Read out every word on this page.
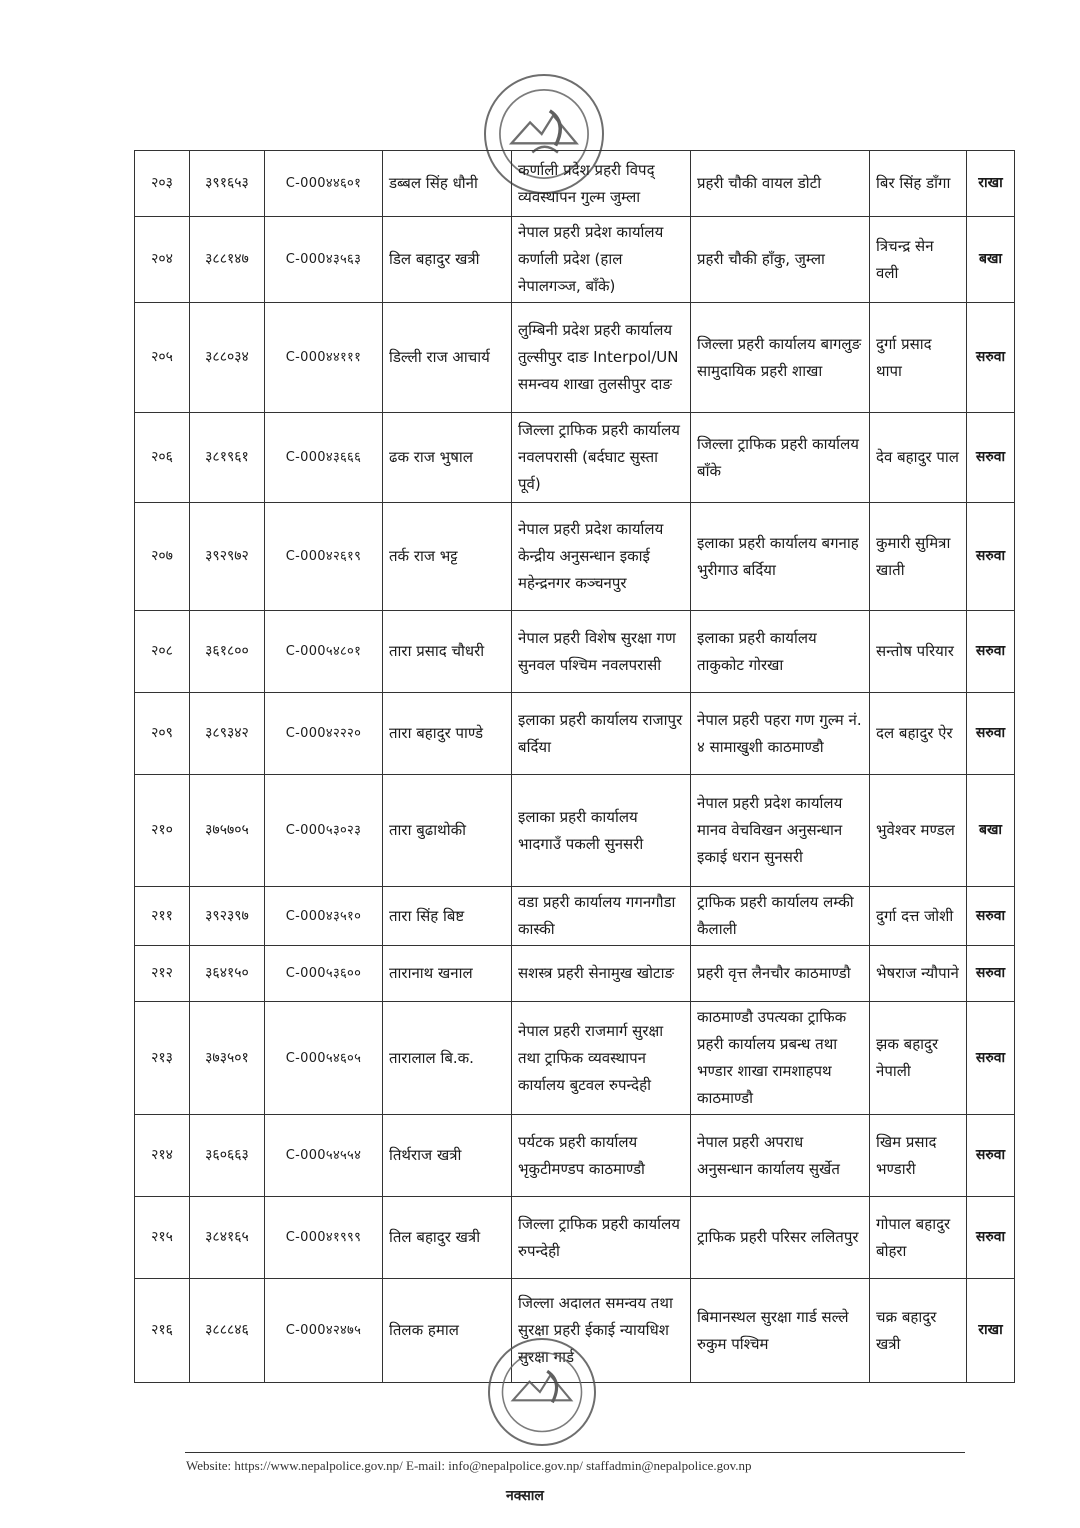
२०३	३९१६५३	C-000४४६०१	डब्बल सिंह धौनी	कर्णाली प्रदेश प्रहरी विपद् व्यवस्थापन गुल्म जुम्ला	प्रहरी चौकी वायल डोटी	बिर सिंह डाँगा	राखा
२०४	३८८१४७	C-000४३५६३	डिल बहादुर खत्री	नेपाल प्रहरी प्रदेश कार्यालय कर्णाली प्रदेश (हाल नेपालगञ्ज, बाँके)	प्रहरी चौकी हाँकु, जुम्ला	त्रिचन्द्र सेन वली	बखा
२०५	३८८०३४	C-000४४१११	डिल्ली राज आचार्य	लुम्बिनी प्रदेश प्रहरी कार्यालय तुल्सीपुर दाङ Interpol/UN समन्वय शाखा तुलसीपुर दाङ	जिल्ला प्रहरी कार्यालय बागलुङ सामुदायिक प्रहरी शाखा	दुर्गा प्रसाद थापा	सरुवा
२०६	३८१९६१	C-000४३६६६	ढक राज भुषाल	जिल्ला ट्राफिक प्रहरी कार्यालय नवलपरासी (बर्दघाट सुस्ता पूर्व)	जिल्ला ट्राफिक प्रहरी कार्यालय बाँके	देव बहादुर पाल	सरुवा
२०७	३९२९७२	C-000४२६१९	तर्क राज भट्ट	नेपाल प्रहरी प्रदेश कार्यालय केन्द्रीय अनुसन्धान इकाई महेन्द्रनगर कञ्चनपुर	इलाका प्रहरी कार्यालय बगनाह भुरीगाउ बर्दिया	कुमारी सुमित्रा खाती	सरुवा
२०८	३६१८००	C-000५४८०१	तारा प्रसाद चौधरी	नेपाल प्रहरी विशेष सुरक्षा गण सुनवल पश्चिम नवलपरासी	इलाका प्रहरी कार्यालय ताकुकोट गोरखा	सन्तोष परियार	सरुवा
२०९	३८९३४२	C-000४२२२०	तारा बहादुर पाण्डे	इलाका प्रहरी कार्यालय राजापुर बर्दिया	नेपाल प्रहरी पहरा गण गुल्म नं. ४ सामाखुशी काठमाण्डौ	दल बहादुर ऐर	सरुवा
२१०	३७५७०५	C-000५३०२३	तारा बुढाथोकी	इलाका प्रहरी कार्यालय भादगाउँ पकली सुनसरी	नेपाल प्रहरी प्रदेश कार्यालय मानव वेचविखन अनुसन्धान इकाई धरान सुनसरी	भुवेश्वर मण्डल	बखा
२११	३९२३९७	C-000४३५१०	तारा सिंह बिष्ट	वडा प्रहरी कार्यालय गगनगौडा कास्की	ट्राफिक प्रहरी कार्यालय लम्की कैलाली	दुर्गा दत्त जोशी	सरुवा
२१२	३६४१५०	C-000५३६००	तारानाथ खनाल	सशस्त्र प्रहरी सेनामुख खोटाङ	प्रहरी वृत्त लैनचौर काठमाण्डौ	भेषराज न्यौपाने	सरुवा
२१३	३७३५०१	C-000५४६०५	तारालाल बि.क.	नेपाल प्रहरी राजमार्ग सुरक्षा तथा ट्राफिक व्यवस्थापन कार्यालय बुटवल रुपन्देही	काठमाण्डौ उपत्यका ट्राफिक प्रहरी कार्यालय प्रबन्ध तथा भण्डार शाखा रामशाहपथ काठमाण्डौ	झक बहादुर नेपाली	सरुवा
२१४	३६०६६३	C-000५४५५४	तिर्थराज खत्री	पर्यटक प्रहरी कार्यालय भृकुटीमण्डप काठमाण्डौ	नेपाल प्रहरी अपराध अनुसन्धान कार्यालय सुर्खेत	खिम प्रसाद भण्डारी	सरुवा
२१५	३८४१६५	C-000४१९९९	तिल बहादुर खत्री	जिल्ला ट्राफिक प्रहरी कार्यालय रुपन्देही	ट्राफिक प्रहरी परिसर ललितपुर	गोपाल बहादुर बोहरा	सरुवा
२१६	३८८८४६	C-000४२४७५	तिलक हमाल	जिल्ला अदालत समन्वय तथा सुरक्षा प्रहरी ईकाई न्यायधिश सुरक्षा गार्ड	बिमानस्थल सुरक्षा गार्ड सल्ले रुकुम पश्चिम	चक्र बहादुर खत्री	राखा
Website: https://www.nepalpolice.gov.np/ E-mail: info@nepalpolice.gov.np/ staffadmin@nepalpolice.gov.np
नक्साल
